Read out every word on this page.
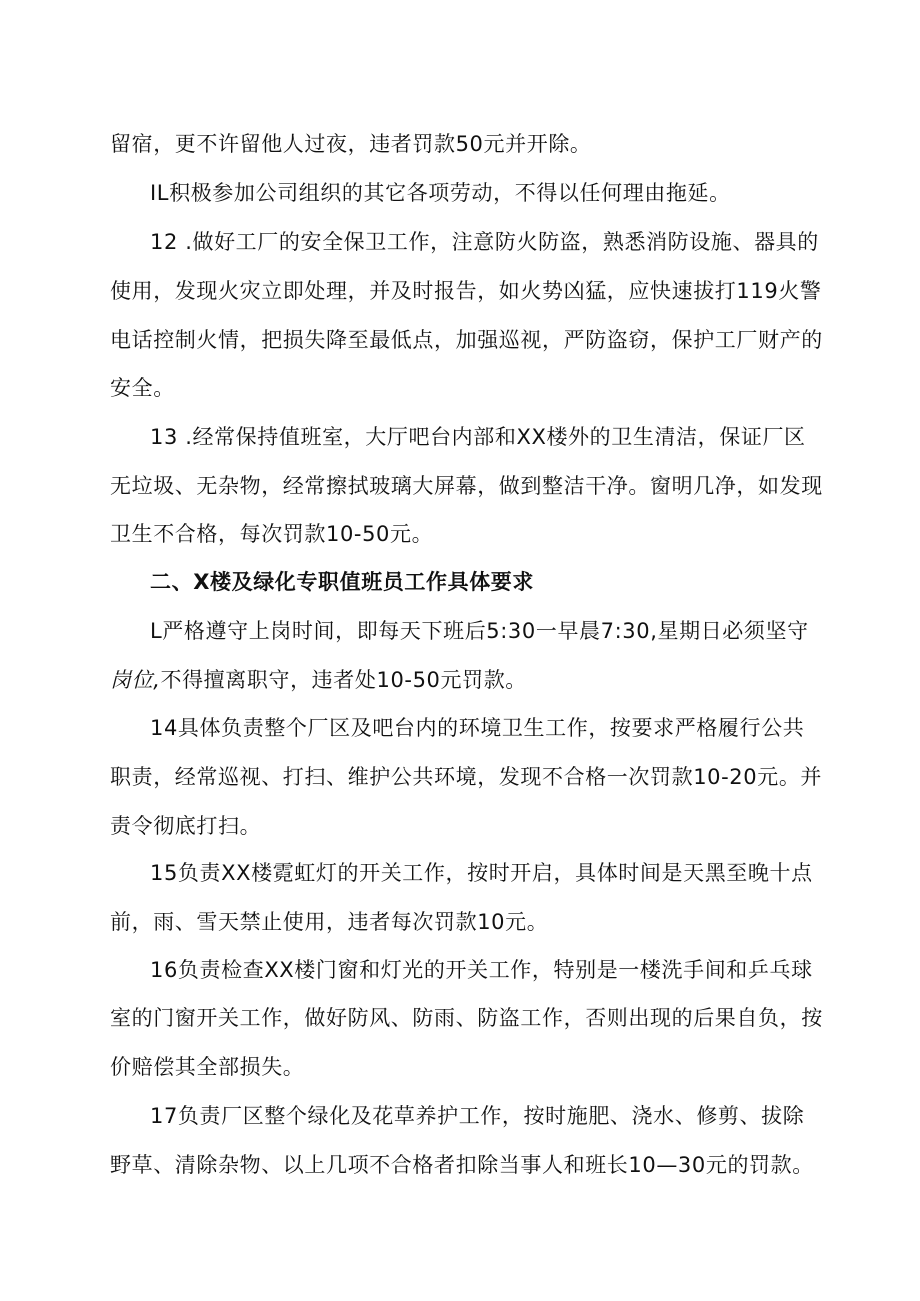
留宿，更不许留他人过夜，违者罚款50元并开除。
IL积极参加公司组织的其它各项劳动，不得以任何理由拖延。
12 .做好工厂的安全保卫工作，注意防火防盗，熟悉消防设施、器具的
使用，发现火灾立即处理，并及时报告，如火势凶猛，应快速拔打119火警
电话控制火情，把损失降至最低点，加强巡视，严防盗窃，保护工厂财产的
安全。
13 .经常保持值班室，大厅吧台内部和XX楼外的卫生清洁，保证厂区
无垃圾、无杂物，经常擦拭玻璃大屏幕，做到整洁干净。窗明几净，如发现
卫生不合格，每次罚款10-50元。
二、X楼及绿化专职值班员工作具体要求
L严格遵守上岗时间，即每天下班后5:30一早晨7:30,星期日必须坚守
岗位,不得擅离职守，违者处10-50元罚款。
14具体负责整个厂区及吧台内的环境卫生工作，按要求严格履行公共
职责，经常巡视、打扫、维护公共环境，发现不合格一次罚款10-20元。并
责令彻底打扫。
15负责XX楼霓虹灯的开关工作，按时开启，具体时间是天黑至晚十点
前，雨、雪天禁止使用，违者每次罚款10元。
16负责检查XX楼门窗和灯光的开关工作，特别是一楼洗手间和乒乓球
室的门窗开关工作，做好防风、防雨、防盗工作，否则出现的后果自负，按
价赔偿其全部损失。
17负责厂区整个绿化及花草养护工作，按时施肥、浇水、修剪、拔除
野草、清除杂物、以上几项不合格者扣除当事人和班长10—30元的罚款。
